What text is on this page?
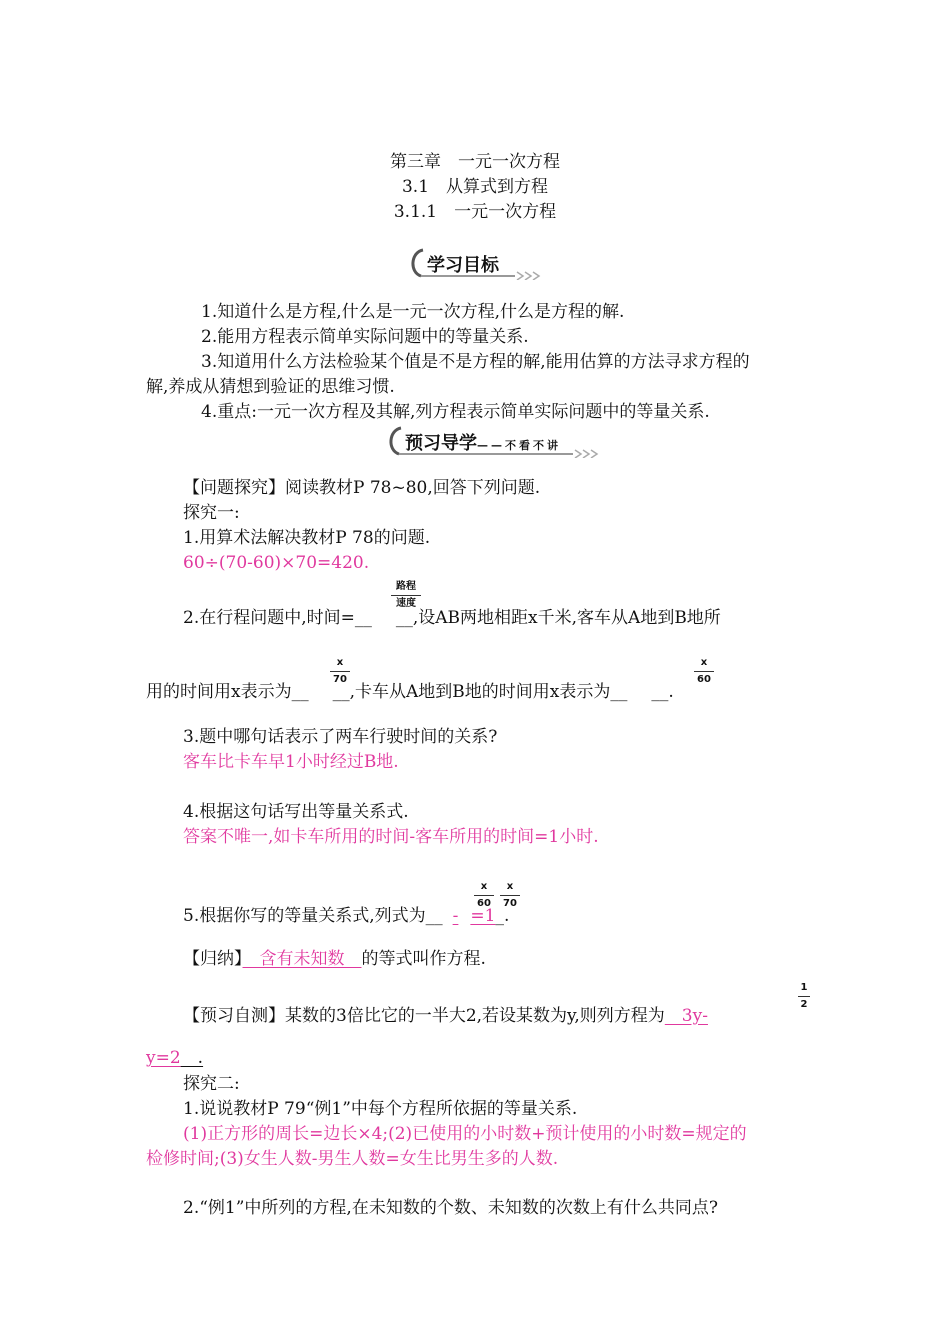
第三章　一元一次方程
3.1　从算式到方程
3.1.1　一元一次方程
学习目标
1.知道什么是方程,什么是一元一次方程,什么是方程的解.
2.能用方程表示简单实际问题中的等量关系.
3.知道用什么方法检验某个值是不是方程的解,能用估算的方法寻求方程的
解,养成从猜想到验证的思维习惯.
4.重点:一元一次方程及其解,列方程表示简单实际问题中的等量关系.
预习导学——不看不讲
【问题探究】阅读教材P 78~80,回答下列问题.
探究一:
1.用算术法解决教材P 78的问题.
60÷(70-60)×70=420.
路程
速度
2.在行程问题中,时间=__ __,设AB两地相距x千米,客车从A地到B地所
x
70
x
60
用的时间用x表示为__ __,卡车从A地到B地的时间用x表示为__ __.
3.题中哪句话表示了两车行驶时间的关系?
客车比卡车早1小时经过B地.
4.根据这句话写出等量关系式.
答案不唯一,如卡车所用的时间-客车所用的时间=1小时.
x
60
x
70
5.根据你写的等量关系式,列式为__ - =1_.
【归纳】　含有未知数　的等式叫作方程.
1
2
【预习自测】某数的3倍比它的一半大2,若设某数为y,则列方程为　3y-
y=2　.
探究二:
1.说说教材P 79“例1”中每个方程所依据的等量关系.
(1)正方形的周长=边长×4;(2)已使用的小时数+预计使用的小时数=规定的
检修时间;(3)女生人数-男生人数=女生比男生多的人数.
2.“例1”中所列的方程,在未知数的个数、未知数的次数上有什么共同点?
